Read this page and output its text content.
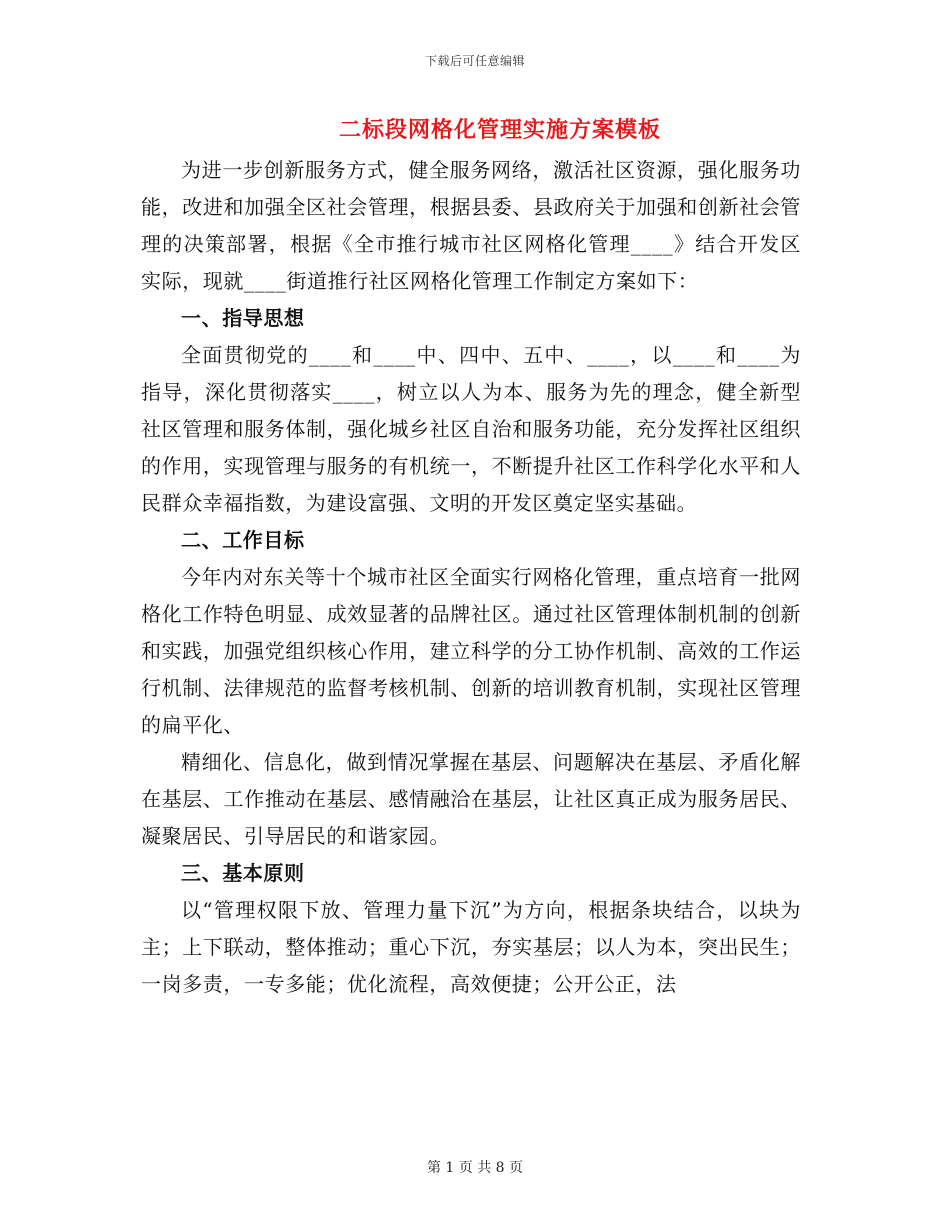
下载后可任意编辑
二标段网格化管理实施方案模板

为进一步创新服务方式，健全服务网络，激活社区资源，强化服务功能，改进和加强全区社会管理，根据县委、县政府关于加强和创新社会管理的决策部署，根据《全市推行城市社区网格化管理____》结合开发区实际，现就____街道推行社区网格化管理工作制定方案如下：

一、指导思想

全面贯彻党的____和____中、四中、五中、____，以____和____为指导，深化贯彻落实____，树立以人为本、服务为先的理念，健全新型社区管理和服务体制，强化城乡社区自治和服务功能，充分发挥社区组织的作用，实现管理与服务的有机统一，不断提升社区工作科学化水平和人民群众幸福指数，为建设富强、文明的开发区奠定坚实基础。

二、工作目标

今年内对东关等十个城市社区全面实行网格化管理，重点培育一批网格化工作特色明显、成效显著的品牌社区。通过社区管理体制机制的创新和实践，加强党组织核心作用，建立科学的分工协作机制、高效的工作运行机制、法律规范的监督考核机制、创新的培训教育机制，实现社区管理的扁平化、

精细化、信息化，做到情况掌握在基层、问题解决在基层、矛盾化解在基层、工作推动在基层、感情融洽在基层，让社区真正成为服务居民、凝聚居民、引导居民的和谐家园。

三、基本原则

以“管理权限下放、管理力量下沉”为方向，根据条块结合，以块为主；上下联动，整体推动；重心下沉，夯实基层；以人为本，突出民生；一岗多责，一专多能；优化流程，高效便捷；公开公正，法

第 1 页 共 8 页
